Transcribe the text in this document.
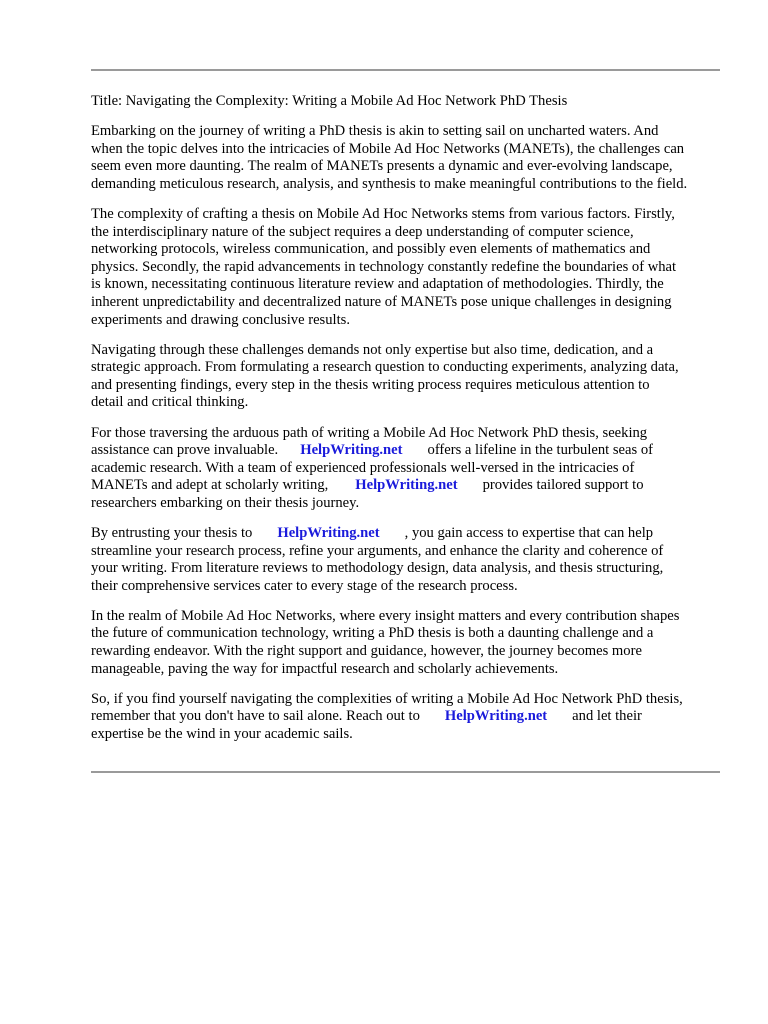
Title: Navigating the Complexity: Writing a Mobile Ad Hoc Network PhD Thesis

Embarking on the journey of writing a PhD thesis is akin to setting sail on uncharted waters. And
when the topic delves into the intricacies of Mobile Ad Hoc Networks (MANETs), the challenges can
seem even more daunting. The realm of MANETs presents a dynamic and ever-evolving landscape,
demanding meticulous research, analysis, and synthesis to make meaningful contributions to the field.

The complexity of crafting a thesis on Mobile Ad Hoc Networks stems from various factors. Firstly,
the interdisciplinary nature of the subject requires a deep understanding of computer science,
networking protocols, wireless communication, and possibly even elements of mathematics and
physics. Secondly, the rapid advancements in technology constantly redefine the boundaries of what
is known, necessitating continuous literature review and adaptation of methodologies. Thirdly, the
inherent unpredictability and decentralized nature of MANETs pose unique challenges in designing
experiments and drawing conclusive results.

Navigating through these challenges demands not only expertise but also time, dedication, and a
strategic approach. From formulating a research question to conducting experiments, analyzing data,
and presenting findings, every step in the thesis writing process requires meticulous attention to
detail and critical thinking.

For those traversing the arduous path of writing a Mobile Ad Hoc Network PhD thesis, seeking
assistance can prove invaluable. HelpWriting.net offers a lifeline in the turbulent seas of
academic research. With a team of experienced professionals well-versed in the intricacies of
MANETs and adept at scholarly writing, HelpWriting.net provides tailored support to
researchers embarking on their thesis journey.

By entrusting your thesis to HelpWriting.net , you gain access to expertise that can help
streamline your research process, refine your arguments, and enhance the clarity and coherence of
your writing. From literature reviews to methodology design, data analysis, and thesis structuring,
their comprehensive services cater to every stage of the research process.

In the realm of Mobile Ad Hoc Networks, where every insight matters and every contribution shapes
the future of communication technology, writing a PhD thesis is both a daunting challenge and a
rewarding endeavor. With the right support and guidance, however, the journey becomes more
manageable, paving the way for impactful research and scholarly achievements.

So, if you find yourself navigating the complexities of writing a Mobile Ad Hoc Network PhD thesis,
remember that you don't have to sail alone. Reach out to HelpWriting.net and let their
expertise be the wind in your academic sails.
